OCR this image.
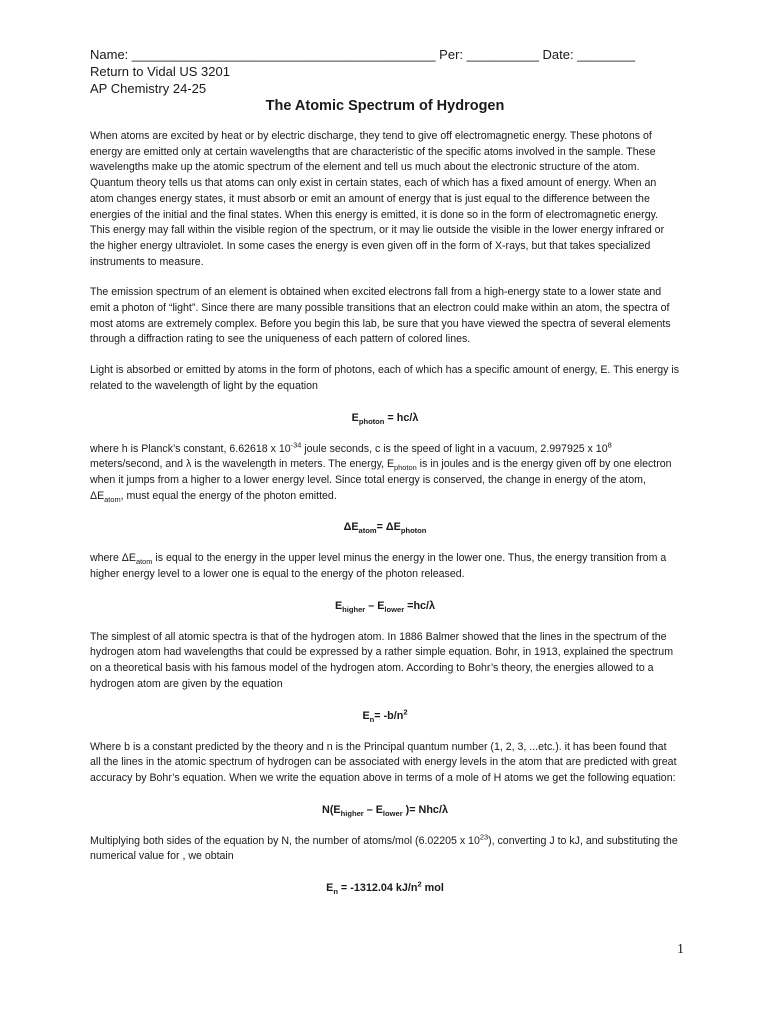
Name: __________________________________________ Per: __________ Date: ________
Return to Vidal US 3201
AP Chemistry 24-25
The Atomic Spectrum of Hydrogen

When atoms are excited by heat or by electric discharge, they tend to give off electromagnetic energy. These photons of energy are emitted only at certain wavelengths that are characteristic of the specific atoms involved in the sample. These wavelengths make up the atomic spectrum of the element and tell us much about the electronic structure of the atom. Quantum theory tells us that atoms can only exist in certain states, each of which has a fixed amount of energy. When an atom changes energy states, it must absorb or emit an amount of energy that is just equal to the difference between the energies of the initial and the final states. When this energy is emitted, it is done so in the form of electromagnetic energy. This energy may fall within the visible region of the spectrum, or it may lie outside the visible in the lower energy infrared or the higher energy ultraviolet. In some cases the energy is even given off in the form of X-rays, but that takes specialized instruments to measure.

The emission spectrum of an element is obtained when excited electrons fall from a high-energy state to a lower state and emit a photon of “light”. Since there are many possible transitions that an electron could make within an atom, the spectra of most atoms are extremely complex. Before you begin this lab, be sure that you have viewed the spectra of several elements through a diffraction rating to see the uniqueness of each pattern of colored lines.

Light is absorbed or emitted by atoms in the form of photons, each of which has a specific amount of energy, E. This energy is related to the wavelength of light by the equation

$E_{photon} = hc/\lambda$

where h is Planck’s constant, 6.62618 x $10^{-34}$ joule seconds, c is the speed of light in a vacuum, 2.997925 x $10^8$ meters/second, and λ is the wavelength in meters. The energy, $E_{photon}$ is in joules and is the energy given off by one electron when it jumps from a higher to a lower energy level. Since total energy is conserved, the change in energy of the atom, $\Delta E_{atom}$, must equal the energy of the photon emitted.

$\Delta E_{atom}= \Delta E_{photon}$

where $\Delta E_{atom}$ is equal to the energy in the upper level minus the energy in the lower one. Thus, the energy transition from a higher energy level to a lower one is equal to the energy of the photon released.

$E_{higher} - E_{lower} =hc/\lambda$

The simplest of all atomic spectra is that of the hydrogen atom. In 1886 Balmer showed that the lines in the spectrum of the hydrogen atom had wavelengths that could be expressed by a rather simple equation. Bohr, in 1913, explained the spectrum on a theoretical basis with his famous model of the hydrogen atom. According to Bohr’s theory, the energies allowed to a hydrogen atom are given by the equation

$E_n= -b/n^2$

Where b is a constant predicted by the theory and n is the Principal quantum number (1, 2, 3, ...etc.). it has been found that all the lines in the atomic spectrum of hydrogen can be associated with energy levels in the atom that are predicted with great accuracy by Bohr’s equation. When we write the equation above in terms of a mole of H atoms we get the following equation:

$N(E_{higher} - E_{lower}$ )= Nhc/λ

Multiplying both sides of the equation by N, the number of atoms/mol (6.02205 x $10^{23}$), converting J to kJ, and substituting the numerical value for , we obtain

$E_n = -1312.04$ $kJ/n^2$ mol
1
